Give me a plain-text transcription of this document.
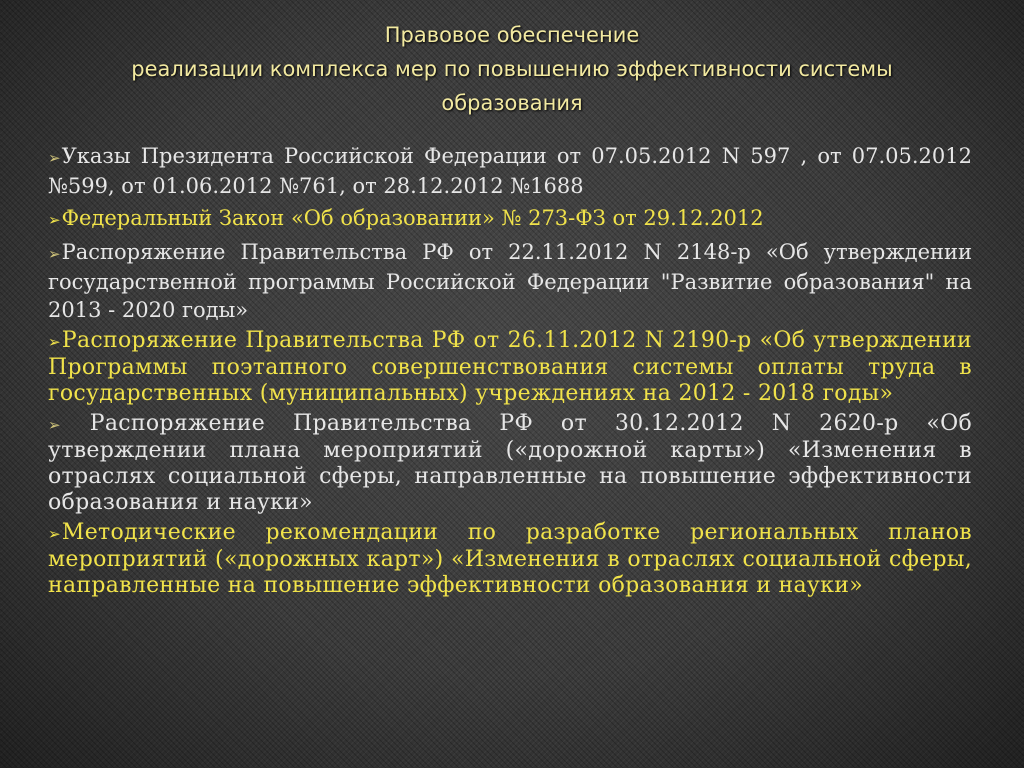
Правовое обеспечение
реализации комплекса мер по повышению эффективности системы
образования
➢Указы Президента Российской Федерации от 07.05.2012 N 597 , от 07.05.2012 №599, от 01.06.2012 №761, от 28.12.2012 №1688
➢Федеральный Закон «Об образовании» № 273-ФЗ от 29.12.2012
➢Распоряжение Правительства РФ от 22.11.2012 N 2148-р «Об утверждении государственной программы Российской Федерации "Развитие образования" на 2013 - 2020 годы»
➢Распоряжение Правительства РФ от 26.11.2012 N 2190-р «Об утверждении Программы поэтапного совершенствования системы оплаты труда в государственных (муниципальных) учреждениях на 2012 - 2018 годы»
➢ Распоряжение Правительства РФ от 30.12.2012 N 2620-р «Об утверждении плана мероприятий («дорожной карты») «Изменения в отраслях социальной сферы, направленные на повышение эффективности образования и науки»
➢Методические рекомендации по разработке региональных планов мероприятий («дорожных карт») «Изменения в отраслях социальной сферы, направленные на повышение эффективности образования и науки»
